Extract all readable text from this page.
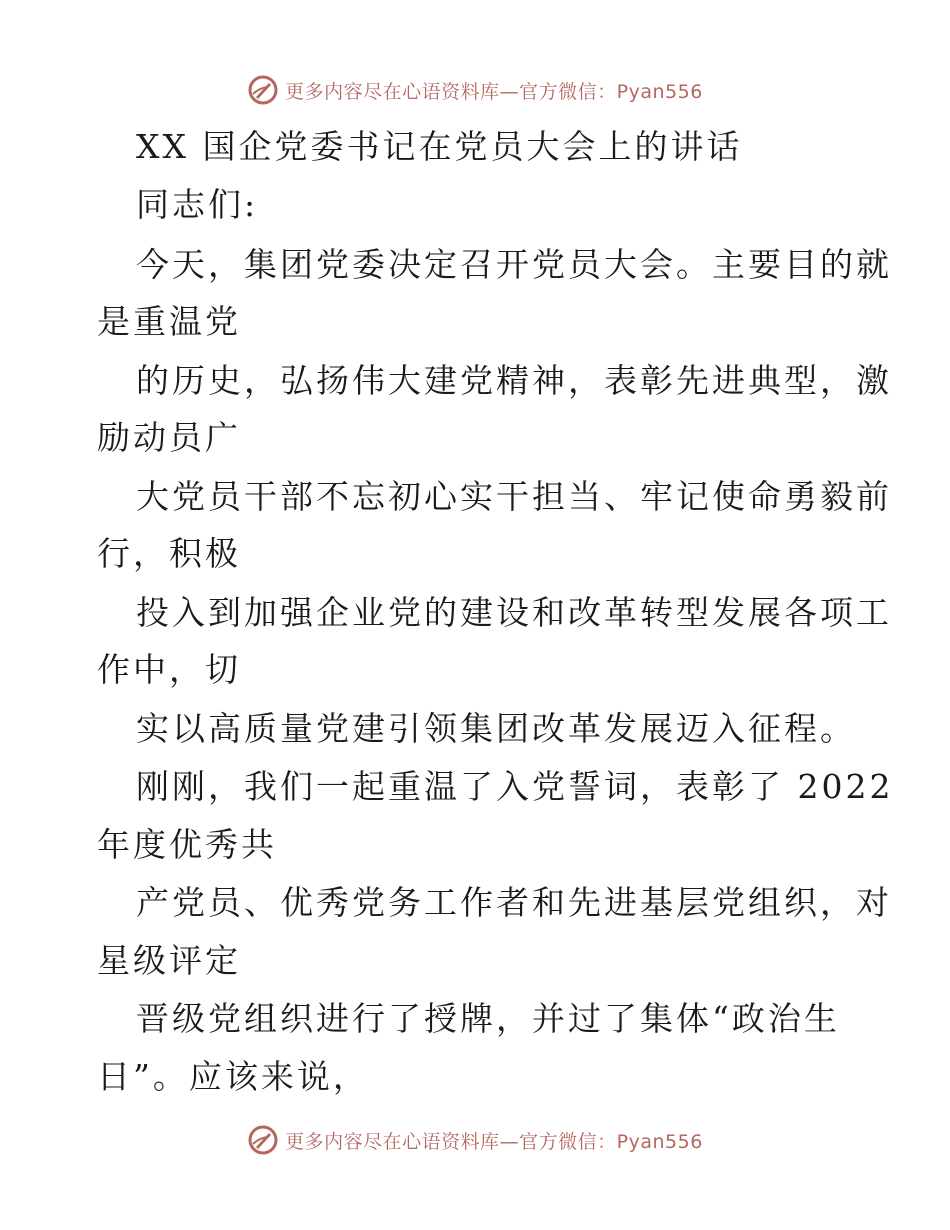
更多内容尽在心语资料库—官方微信：Pyan556
XX 国企党委书记在党员大会上的讲话
同志们:
今天，集团党委决定召开党员大会。主要目的就
是重温党
的历史，弘扬伟大建党精神，表彰先进典型，激
励动员广
大党员干部不忘初心实干担当、牢记使命勇毅前
行，积极
投入到加强企业党的建设和改革转型发展各项工
作中，切
实以高质量党建引领集团改革发展迈入征程。
刚刚，我们一起重温了入党誓词，表彰了 2022
年度优秀共
产党员、优秀党务工作者和先进基层党组织，对
星级评定
晋级党组织进行了授牌，并过了集体“政治生
日”。应该来说，
更多内容尽在心语资料库—官方微信：Pyan556
